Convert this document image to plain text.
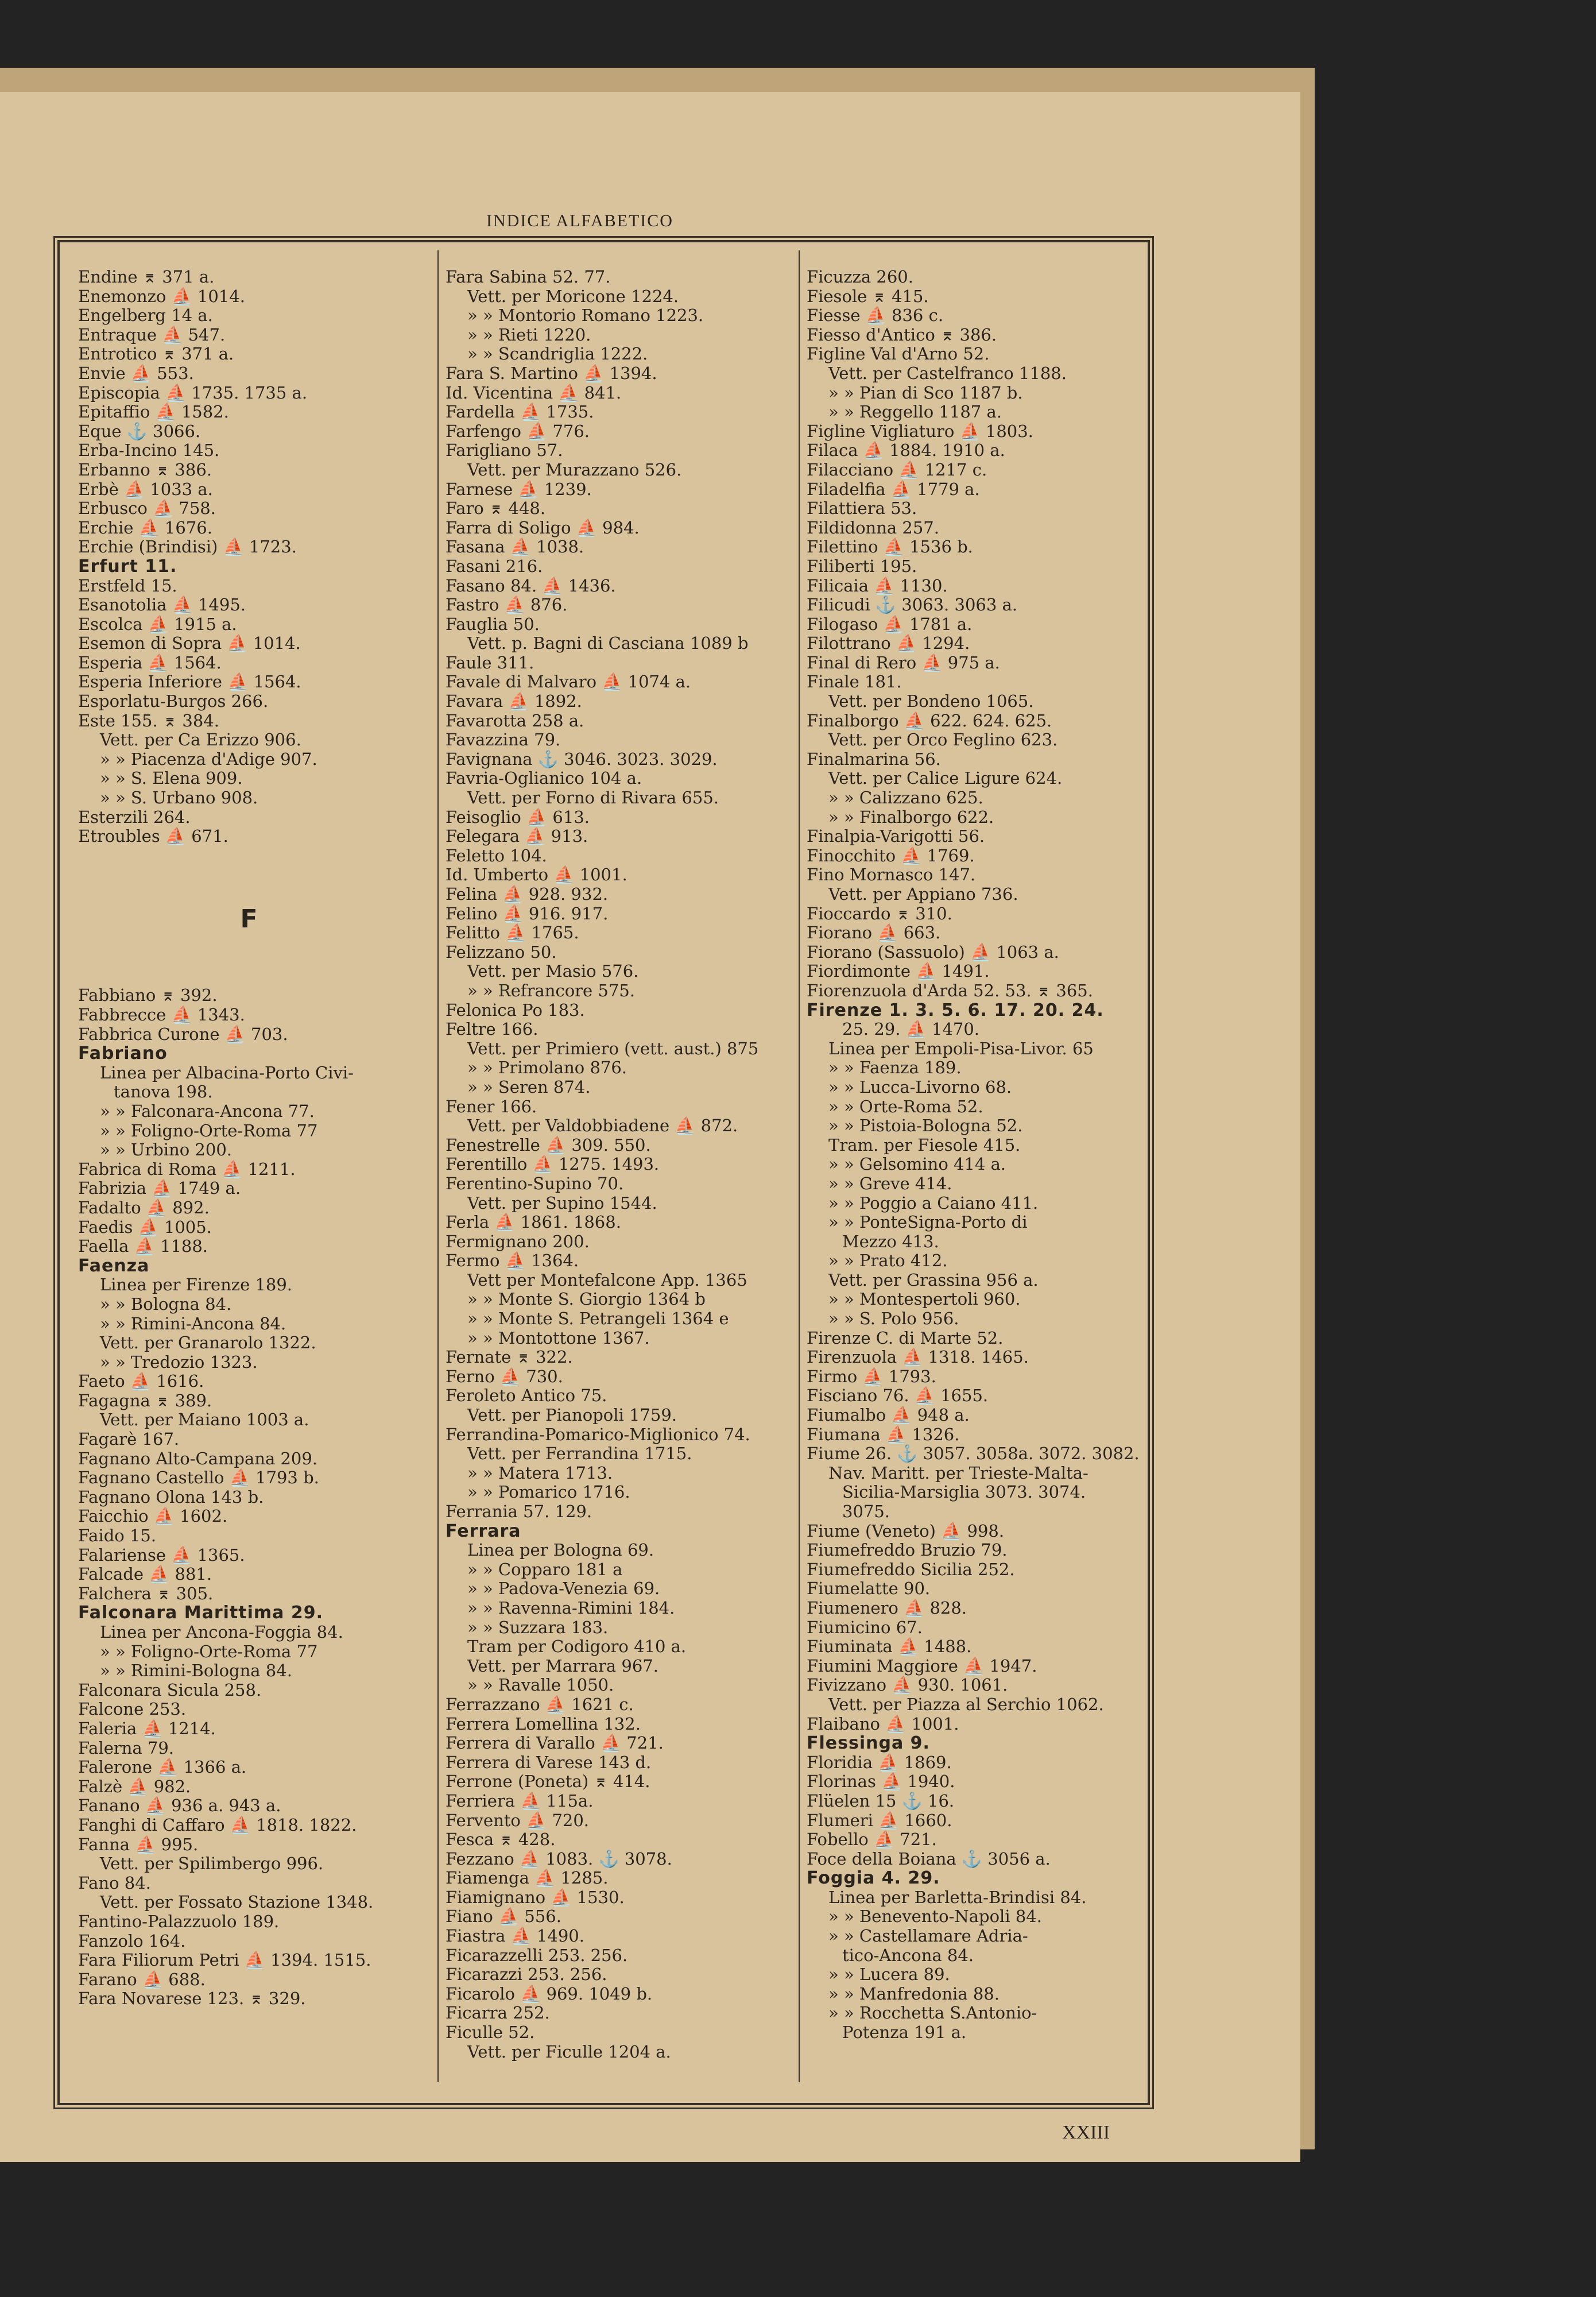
INDICE ALFABETICO
Endine ⌆ 371 a.
Enemonzo ⛵ 1014.
Engelberg 14 a.
Entraque ⛵ 547.
Entrotico ⌆ 371 a.
Envie ⛵ 553.
Episcopia ⛵ 1735. 1735 a.
Epitaffio ⛵ 1582.
Eque ⚓ 3066.
Erba-Incino 145.
Erbanno ⌆ 386.
Erbè ⛵ 1033 a.
Erbusco ⛵ 758.
Erchie ⛵ 1676.
Erchie (Brindisi) ⛵ 1723.
Erfurt 11.
Erstfeld 15.
Esanotolia ⛵ 1495.
Escolca ⛵ 1915 a.
Esemon di Sopra ⛵ 1014.
Esperia ⛵ 1564.
Esperia Inferiore ⛵ 1564.
Esporlatu-Burgos 266.
Este 155. ⌆ 384.
Vett. per Ca Erizzo 906.
» » Piacenza d'Adige 907.
» » S. Elena 909.
» » S. Urbano 908.
Esterzili 264.
Etroubles ⛵ 671.
F
Fabbiano ⌆ 392.
Fabbrecce ⛵ 1343.
Fabbrica Curone ⛵ 703.
Fabriano
Linea per Albacina-Porto Civi-
tanova 198.
» » Falconara-Ancona 77.
» » Foligno-Orte-Roma 77
» » Urbino 200.
Fabrica di Roma ⛵ 1211.
Fabrizia ⛵ 1749 a.
Fadalto ⛵ 892.
Faedis ⛵ 1005.
Faella ⛵ 1188.
Faenza
Linea per Firenze 189.
» » Bologna 84.
» » Rimini-Ancona 84.
Vett. per Granarolo 1322.
» » Tredozio 1323.
Faeto ⛵ 1616.
Fagagna ⌆ 389.
Vett. per Maiano 1003 a.
Fagarè 167.
Fagnano Alto-Campana 209.
Fagnano Castello ⛵ 1793 b.
Fagnano Olona 143 b.
Faicchio ⛵ 1602.
Faido 15.
Falariense ⛵ 1365.
Falcade ⛵ 881.
Falchera ⌆ 305.
Falconara Marittima 29.
Linea per Ancona-Foggia 84.
» » Foligno-Orte-Roma 77
» » Rimini-Bologna 84.
Falconara Sicula 258.
Falcone 253.
Faleria ⛵ 1214.
Falerna 79.
Falerone ⛵ 1366 a.
Falzè ⛵ 982.
Fanano ⛵ 936 a. 943 a.
Fanghi di Caffaro ⛵ 1818. 1822.
Fanna ⛵ 995.
Vett. per Spilimbergo 996.
Fano 84.
Vett. per Fossato Stazione 1348.
Fantino-Palazzuolo 189.
Fanzolo 164.
Fara Filiorum Petri ⛵ 1394. 1515.
Farano ⛵ 688.
Fara Novarese 123. ⌆ 329.
Fara Sabina 52. 77.
Vett. per Moricone 1224.
» » Montorio Romano 1223.
» » Rieti 1220.
» » Scandriglia 1222.
Fara S. Martino ⛵ 1394.
Id. Vicentina ⛵ 841.
Fardella ⛵ 1735.
Farfengo ⛵ 776.
Farigliano 57.
Vett. per Murazzano 526.
Farnese ⛵ 1239.
Faro ⌆ 448.
Farra di Soligo ⛵ 984.
Fasana ⛵ 1038.
Fasani 216.
Fasano 84. ⛵ 1436.
Fastro ⛵ 876.
Fauglia 50.
Vett. p. Bagni di Casciana 1089 b
Faule 311.
Favale di Malvaro ⛵ 1074 a.
Favara ⛵ 1892.
Favarotta 258 a.
Favazzina 79.
Favignana ⚓ 3046. 3023. 3029.
Favria-Oglianico 104 a.
Vett. per Forno di Rivara 655.
Feisoglio ⛵ 613.
Felegara ⛵ 913.
Feletto 104.
Id. Umberto ⛵ 1001.
Felina ⛵ 928. 932.
Felino ⛵ 916. 917.
Felitto ⛵ 1765.
Felizzano 50.
Vett. per Masio 576.
» » Refrancore 575.
Felonica Po 183.
Feltre 166.
Vett. per Primiero (vett. aust.) 875
» » Primolano 876.
» » Seren 874.
Fener 166.
Vett. per Valdobbiadene ⛵ 872.
Fenestrelle ⛵ 309. 550.
Ferentillo ⛵ 1275. 1493.
Ferentino-Supino 70.
Vett. per Supino 1544.
Ferla ⛵ 1861. 1868.
Fermignano 200.
Fermo ⛵ 1364.
Vett per Montefalcone App. 1365
» » Monte S. Giorgio 1364 b
» » Monte S. Petrangeli 1364 e
» » Montottone 1367.
Fernate ⌆ 322.
Ferno ⛵ 730.
Feroleto Antico 75.
Vett. per Pianopoli 1759.
Ferrandina-Pomarico-Miglionico 74.
Vett. per Ferrandina 1715.
» » Matera 1713.
» » Pomarico 1716.
Ferrania 57. 129.
Ferrara
Linea per Bologna 69.
» » Copparo 181 a
» » Padova-Venezia 69.
» » Ravenna-Rimini 184.
» » Suzzara 183.
Tram per Codigoro 410 a.
Vett. per Marrara 967.
» » Ravalle 1050.
Ferrazzano ⛵ 1621 c.
Ferrera Lomellina 132.
Ferrera di Varallo ⛵ 721.
Ferrera di Varese 143 d.
Ferrone (Poneta) ⌆ 414.
Ferriera ⛵ 115a.
Fervento ⛵ 720.
Fesca ⌆ 428.
Fezzano ⛵ 1083. ⚓ 3078.
Fiamenga ⛵ 1285.
Fiamignano ⛵ 1530.
Fiano ⛵ 556.
Fiastra ⛵ 1490.
Ficarazzelli 253. 256.
Ficarazzi 253. 256.
Ficarolo ⛵ 969. 1049 b.
Ficarra 252.
Ficulle 52.
Vett. per Ficulle 1204 a.
Ficuzza 260.
Fiesole ⌆ 415.
Fiesse ⛵ 836 c.
Fiesso d'Antico ⌆ 386.
Figline Val d'Arno 52.
Vett. per Castelfranco 1188.
» » Pian di Sco 1187 b.
» » Reggello 1187 a.
Figline Vigliaturo ⛵ 1803.
Filaca ⛵ 1884. 1910 a.
Filacciano ⛵ 1217 c.
Filadelfia ⛵ 1779 a.
Filattiera 53.
Fildidonna 257.
Filettino ⛵ 1536 b.
Filiberti 195.
Filicaia ⛵ 1130.
Filicudi ⚓ 3063. 3063 a.
Filogaso ⛵ 1781 a.
Filottrano ⛵ 1294.
Final di Rero ⛵ 975 a.
Finale 181.
Vett. per Bondeno 1065.
Finalborgo ⛵ 622. 624. 625.
Vett. per Orco Feglino 623.
Finalmarina 56.
Vett. per Calice Ligure 624.
» » Calizzano 625.
» » Finalborgo 622.
Finalpia-Varigotti 56.
Finocchito ⛵ 1769.
Fino Mornasco 147.
Vett. per Appiano 736.
Fioccardo ⌆ 310.
Fiorano ⛵ 663.
Fiorano (Sassuolo) ⛵ 1063 a.
Fiordimonte ⛵ 1491.
Fiorenzuola d'Arda 52. 53. ⌆ 365.
Firenze 1. 3. 5. 6. 17. 20. 24.
25. 29. ⛵ 1470.
Linea per Empoli-Pisa-Livor. 65
» » Faenza 189.
» » Lucca-Livorno 68.
» » Orte-Roma 52.
» » Pistoia-Bologna 52.
Tram. per Fiesole 415.
» » Gelsomino 414 a.
» » Greve 414.
» » Poggio a Caiano 411.
» » PonteSigna-Porto di
Mezzo 413.
» » Prato 412.
Vett. per Grassina 956 a.
» » Montespertoli 960.
» » S. Polo 956.
Firenze C. di Marte 52.
Firenzuola ⛵ 1318. 1465.
Firmo ⛵ 1793.
Fisciano 76. ⛵ 1655.
Fiumalbo ⛵ 948 a.
Fiumana ⛵ 1326.
Fiume 26. ⚓ 3057. 3058a. 3072. 3082.
Nav. Maritt. per Trieste-Malta-
Sicilia-Marsiglia 3073. 3074.
3075.
Fiume (Veneto) ⛵ 998.
Fiumefreddo Bruzio 79.
Fiumefreddo Sicilia 252.
Fiumelatte 90.
Fiumenero ⛵ 828.
Fiumicino 67.
Fiuminata ⛵ 1488.
Fiumini Maggiore ⛵ 1947.
Fivizzano ⛵ 930. 1061.
Vett. per Piazza al Serchio 1062.
Flaibano ⛵ 1001.
Flessinga 9.
Floridia ⛵ 1869.
Florinas ⛵ 1940.
Flüelen 15 ⚓ 16.
Flumeri ⛵ 1660.
Fobello ⛵ 721.
Foce della Boiana ⚓ 3056 a.
Foggia 4. 29.
Linea per Barletta-Brindisi 84.
» » Benevento-Napoli 84.
» » Castellamare Adria-
tico-Ancona 84.
» » Lucera 89.
» » Manfredonia 88.
» » Rocchetta S.Antonio-
Potenza 191 a.
XXIII
